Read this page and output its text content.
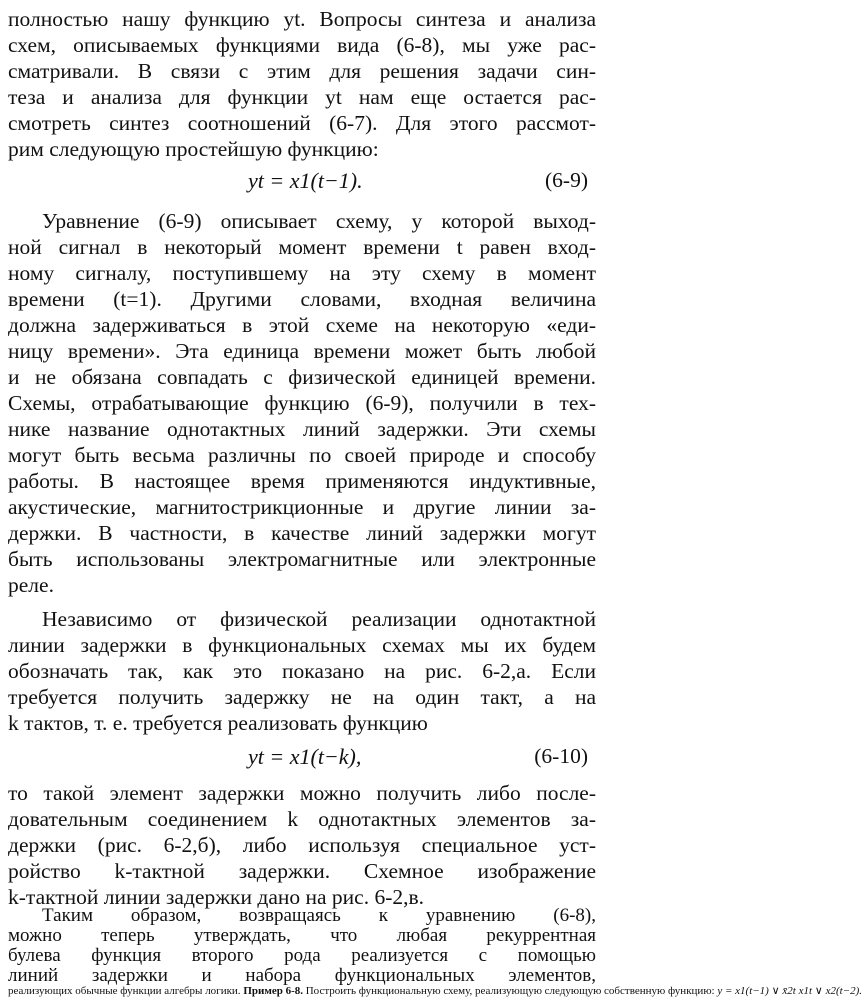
полностью нашу функцию yt. Вопросы синтеза и анализа
схем, описываемых функциями вида (6-8), мы уже рас-
сматривали. В связи с этим для решения задачи син-
теза и анализа для функции yt нам еще остается рас-
смотреть синтез соотношений (6-7). Для этого рассмот-
рим следующую простейшую функцию:
yt = x1(t−1).	(6-9)
Уравнение (6-9) описывает схему, у которой выход-
ной сигнал в некоторый момент времени t равен вход-
ному сигналу, поступившему на эту схему в момент
времени (t=1). Другими словами, входная величина
должна задерживаться в этой схеме на некоторую «еди-
ницу времени». Эта единица времени может быть любой
и не обязана совпадать с физической единицей времени.
Схемы, отрабатывающие функцию (6-9), получили в тех-
нике название однотактных линий задержки. Эти схемы
могут быть весьма различны по своей природе и способу
работы. В настоящее время применяются индуктивные,
акустические, магнитострикционные и другие линии за-
держки. В частности, в качестве линий задержки могут
быть использованы электромагнитные или электронные
реле.
Независимо от физической реализации однотактной
линии задержки в функциональных схемах мы их будем
обозначать так, как это показано на рис. 6-2,а. Если
требуется получить задержку не на один такт, а на
k тактов, т. е. требуется реализовать функцию
yt = x1(t−k),	(6-10)
то такой элемент задержки можно получить либо после-
довательным соединением k однотактных элементов за-
держки (рис. 6-2,б), либо используя специальное уст-
ройство k-тактной задержки. Схемное изображение
k-тактной линии задержки дано на рис. 6-2,в.
Таким образом, возвращаясь к уравнению (6-8),
можно теперь утверждать, что любая рекуррентная
булева функция второго рода реализуется с помощью
линий задержки и набора функциональных элементов,
реализующих обычные функции алгебры логики. Пример 6-8. Построить функциональную схему, реализующую следующую собственную функцию: y = x1(t−1) ∨ x̄2t x1t ∨ x2(t−2).
